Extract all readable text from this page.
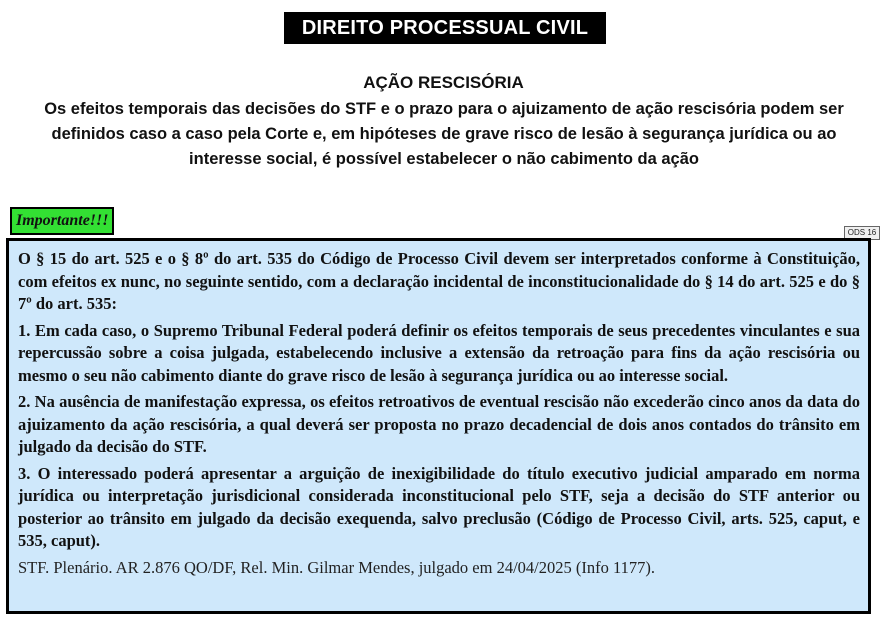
DIREITO PROCESSUAL CIVIL
AÇÃO RESCISÓRIA
Os efeitos temporais das decisões do STF e o prazo para o ajuizamento de ação rescisória podem ser definidos caso a caso pela Corte e, em hipóteses de grave risco de lesão à segurança jurídica ou ao interesse social, é possível estabelecer o não cabimento da ação
Importante!!!
ODS 16

O § 15 do art. 525 e o § 8º do art. 535 do Código de Processo Civil devem ser interpretados conforme à Constituição, com efeitos ex nunc, no seguinte sentido, com a declaração incidental de inconstitucionalidade do § 14 do art. 525 e do § 7º do art. 535:

1. Em cada caso, o Supremo Tribunal Federal poderá definir os efeitos temporais de seus precedentes vinculantes e sua repercussão sobre a coisa julgada, estabelecendo inclusive a extensão da retroação para fins da ação rescisória ou mesmo o seu não cabimento diante do grave risco de lesão à segurança jurídica ou ao interesse social.

2. Na ausência de manifestação expressa, os efeitos retroativos de eventual rescisão não excederão cinco anos da data do ajuizamento da ação rescisória, a qual deverá ser proposta no prazo decadencial de dois anos contados do trânsito em julgado da decisão do STF.

3. O interessado poderá apresentar a arguição de inexigibilidade do título executivo judicial amparado em norma jurídica ou interpretação jurisdicional considerada inconstitucional pelo STF, seja a decisão do STF anterior ou posterior ao trânsito em julgado da decisão exequenda, salvo preclusão (Código de Processo Civil, arts. 525, caput, e 535, caput).

STF. Plenário. AR 2.876 QO/DF, Rel. Min. Gilmar Mendes, julgado em 24/04/2025 (Info 1177).
